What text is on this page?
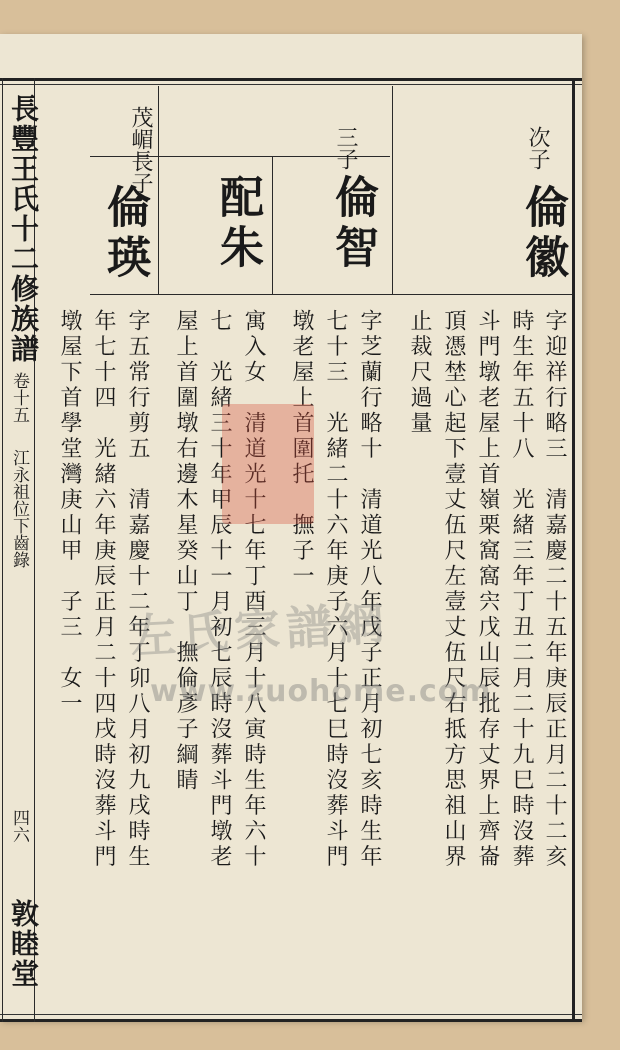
長豐王氏十二修族譜
卷十五
江永祖位下齒錄
四六
敦睦堂
次子
倫徽
字迎祥行略三　清嘉慶二十五年庚辰正月二十二亥
時生年五十八　光緒三年丁丑二月二十九巳時沒葬
斗門墩老屋上首嶺栗窩窩宍戊山辰批存丈界上齊崙
頂憑埜心起下壹丈伍尺左壹丈伍尺右抵方思祖山界
止裁尺過量
三子
倫智
字芝蘭行略十　清道光八年戊子正月初七亥時生年
七十三　光緒二十六年庚子六月十七巳時沒葬斗門
墩老屋上首圍托　撫子一
配朱
寓入女　清道光十七年丁酉三月十八寅時生年六十
七　光緒三十年甲辰十一月初七辰時沒葬斗門墩老
屋上首圍墩右邊木星癸山丁　撫倫彥子綱睛
茂嵋長子
倫瑛
字五常行剪五　清嘉慶十二年丁卯八月初九戌時生
年七十四　光緒六年庚辰正月二十四戌時沒葬斗門
墩屋下首學堂灣庚山甲　子三　女一 左氏家譜網
www.zuohome.com
